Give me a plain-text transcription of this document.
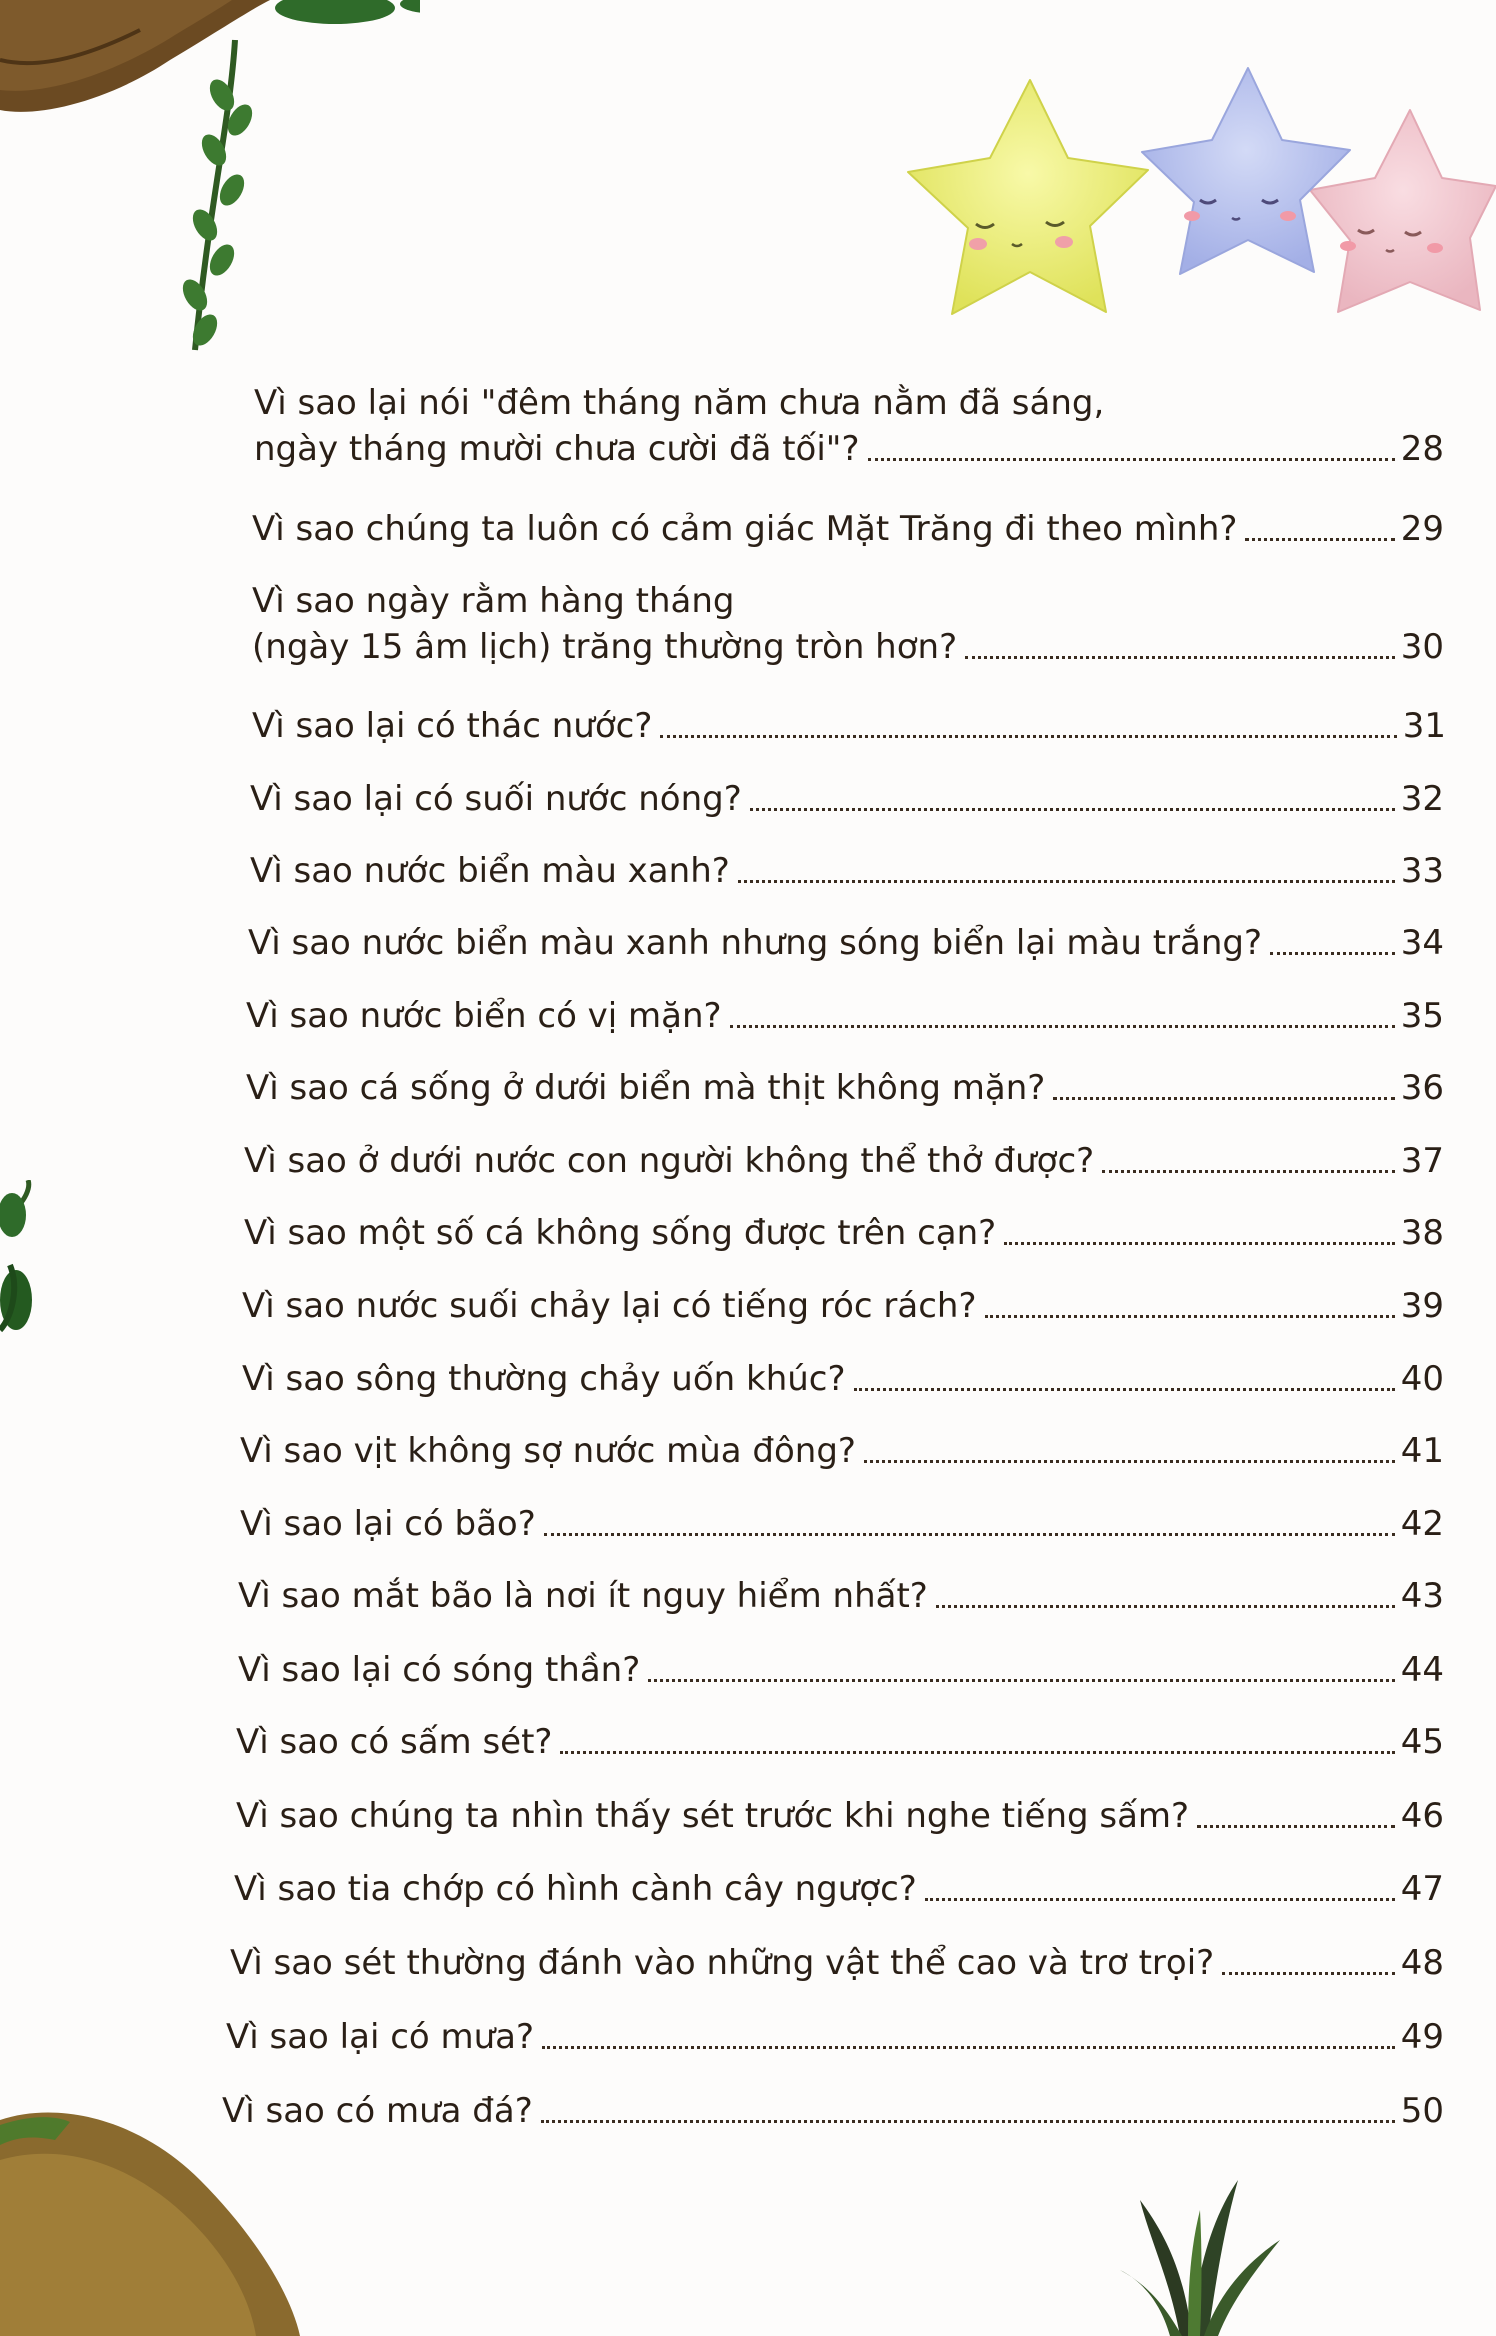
Vì sao lại nói "đêm tháng năm chưa nằm đã sáng,
ngày tháng mười chưa cười đã tối"?	28
Vì sao chúng ta luôn có cảm giác Mặt Trăng đi theo mình?	29
Vì sao ngày rằm hàng tháng
(ngày 15 âm lịch) trăng thường tròn hơn?	30
Vì sao lại có thác nước?	31
Vì sao lại có suối nước nóng?	32
Vì sao nước biển màu xanh?	33
Vì sao nước biển màu xanh nhưng sóng biển lại màu trắng?	34
Vì sao nước biển có vị mặn?	35
Vì sao cá sống ở dưới biển mà thịt không mặn?	36
Vì sao ở dưới nước con người không thể thở được?	37
Vì sao một số cá không sống được trên cạn?	38
Vì sao nước suối chảy lại có tiếng róc rách?	39
Vì sao sông thường chảy uốn khúc?	40
Vì sao vịt không sợ nước mùa đông?	41
Vì sao lại có bão?	42
Vì sao mắt bão là nơi ít nguy hiểm nhất?	43
Vì sao lại có sóng thần?	44
Vì sao có sấm sét?	45
Vì sao chúng ta nhìn thấy sét trước khi nghe tiếng sấm?	46
Vì sao tia chớp có hình cành cây ngược?	47
Vì sao sét thường đánh vào những vật thể cao và trơ trọi?	48
Vì sao lại có mưa?	49
Vì sao có mưa đá?	50
